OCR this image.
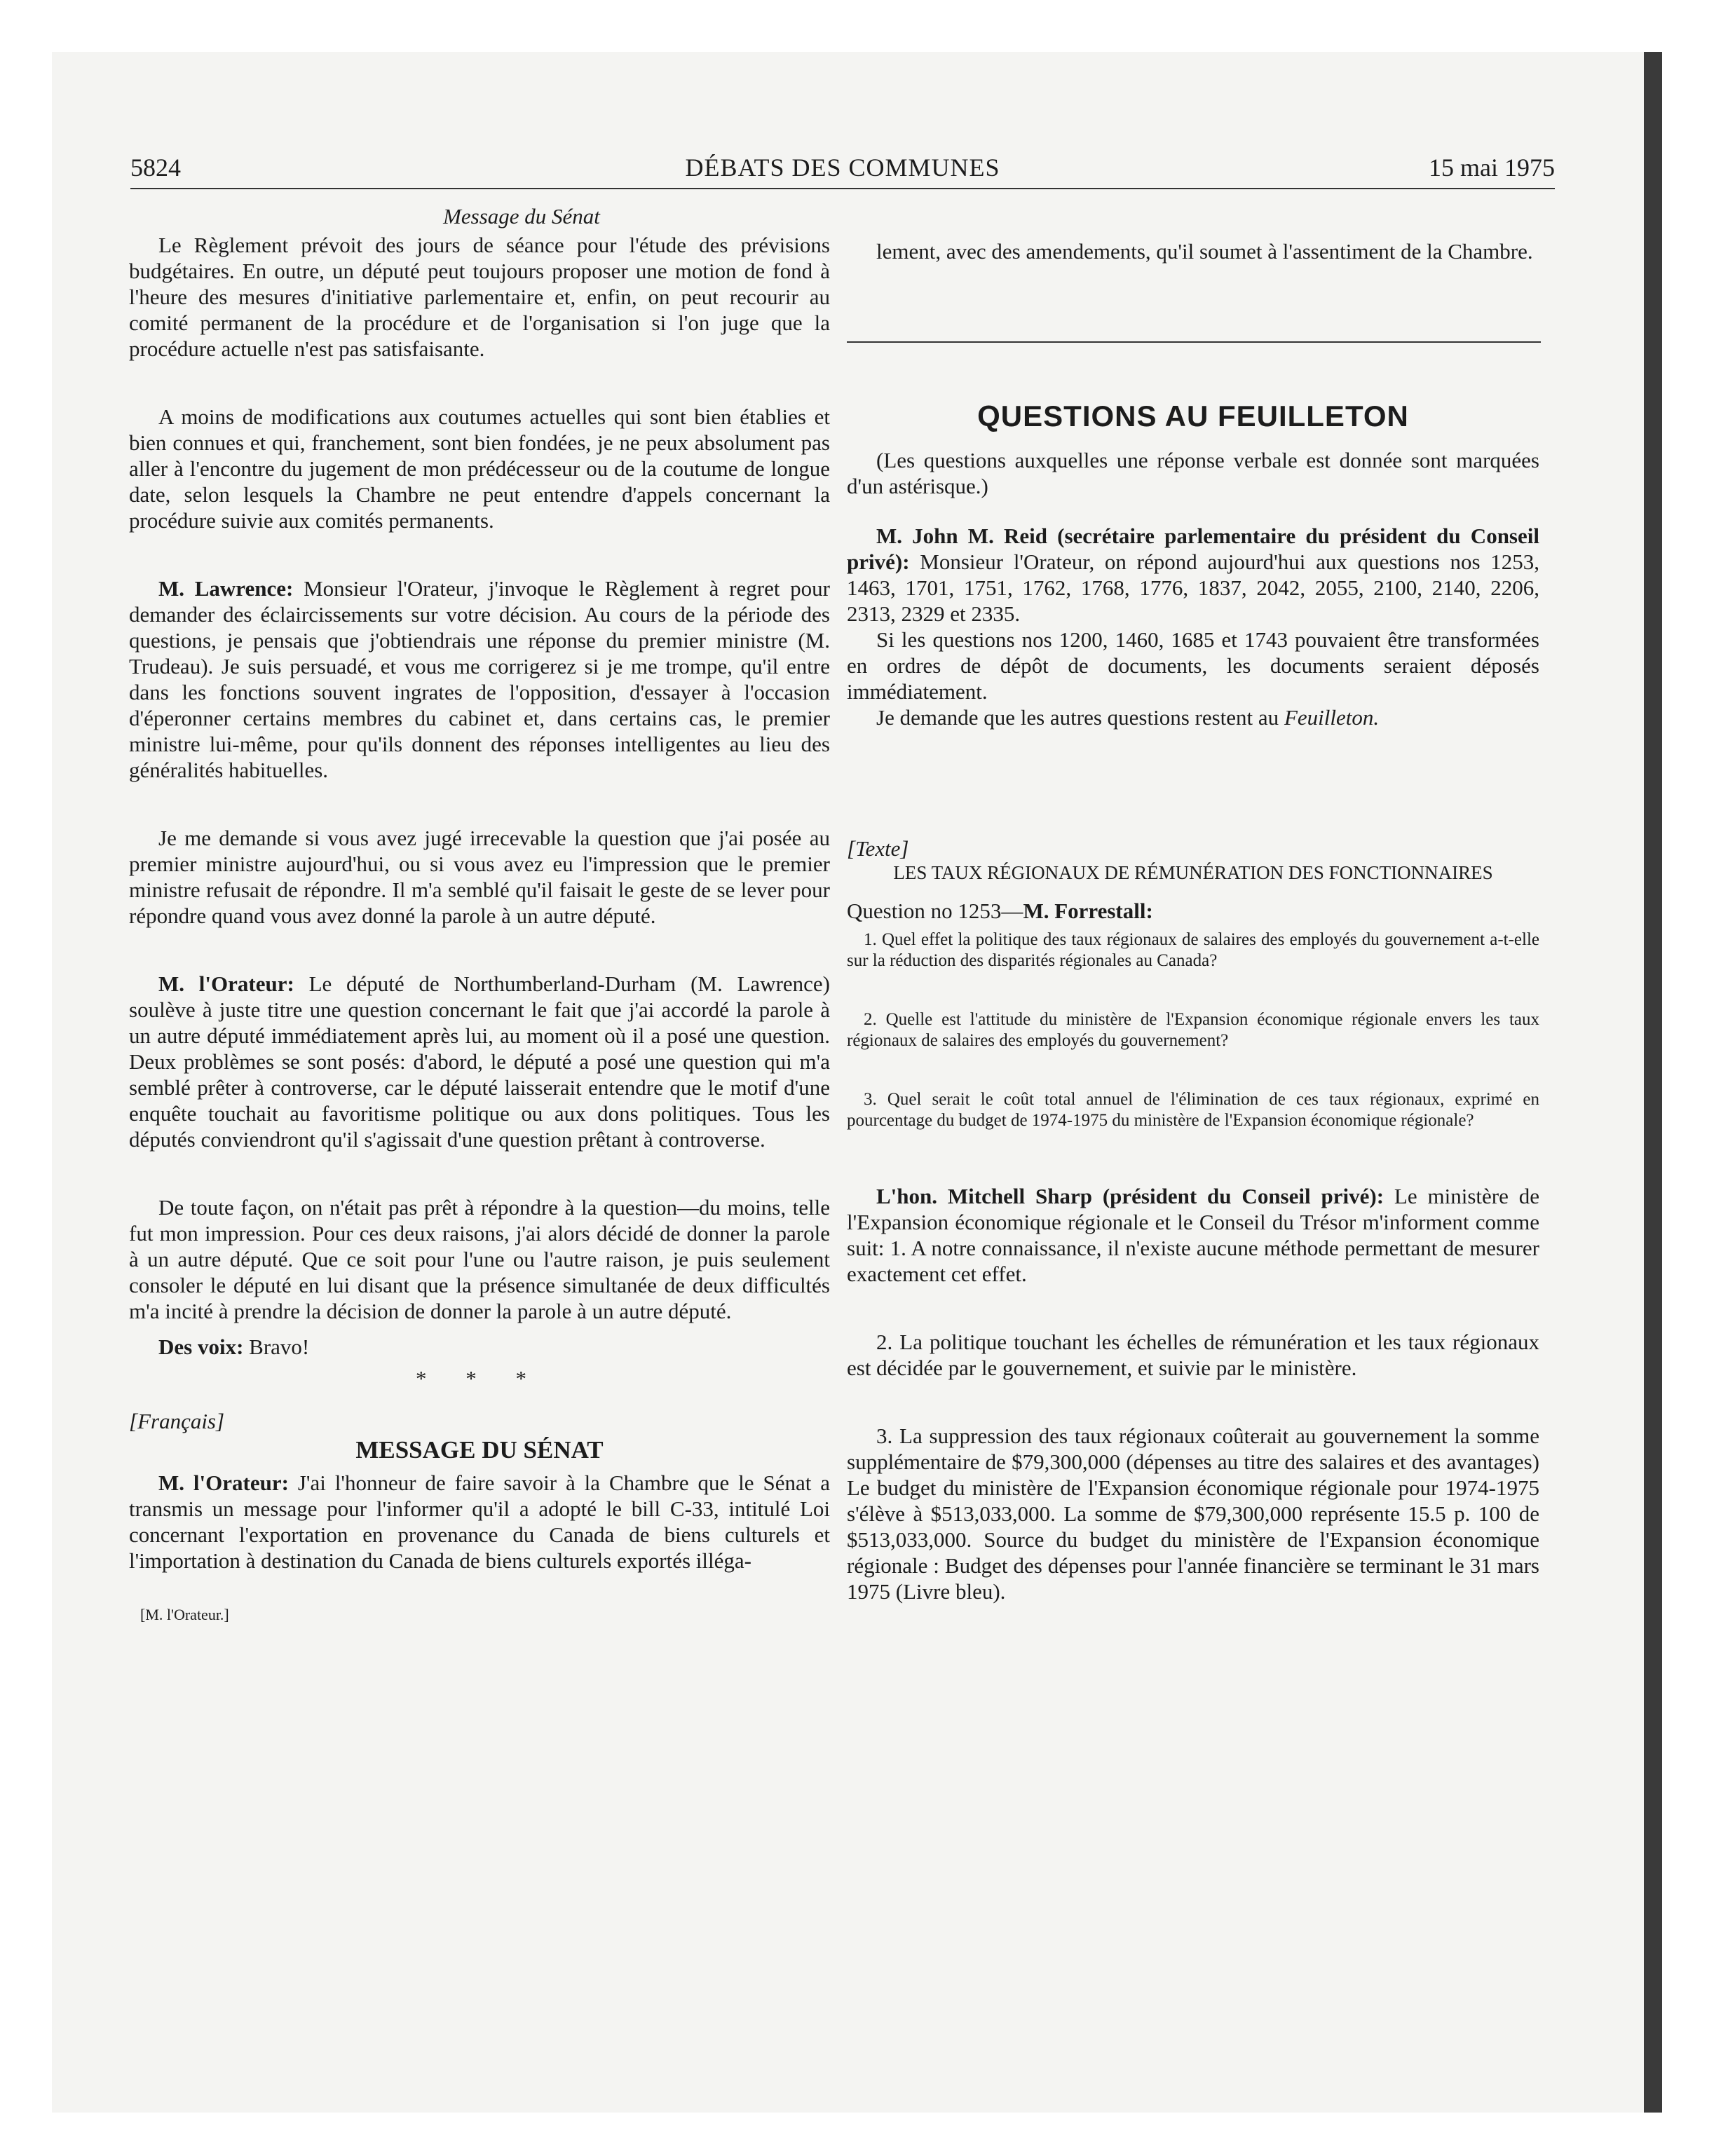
5824	DÉBATS DES COMMUNES	15 mai 1975
Message du Sénat

Le Règlement prévoit des jours de séance pour l'étude des prévisions budgétaires. En outre, un député peut toujours proposer une motion de fond à l'heure des mesures d'initiative parlementaire et, enfin, on peut recourir au comité permanent de la procédure et de l'organisation si l'on juge que la procédure actuelle n'est pas satisfaisante.

A moins de modifications aux coutumes actuelles qui sont bien établies et bien connues et qui, franchement, sont bien fondées, je ne peux absolument pas aller à l'encontre du jugement de mon prédécesseur ou de la coutume de longue date, selon lesquels la Chambre ne peut entendre d'appels concernant la procédure suivie aux comités permanents.

M. Lawrence: Monsieur l'Orateur, j'invoque le Règlement à regret pour demander des éclaircissements sur votre décision. Au cours de la période des questions, je pensais que j'obtiendrais une réponse du premier ministre (M. Trudeau). Je suis persuadé, et vous me corrigerez si je me trompe, qu'il entre dans les fonctions souvent ingrates de l'opposition, d'essayer à l'occasion d'éperonner certains membres du cabinet et, dans certains cas, le premier ministre lui-même, pour qu'ils donnent des réponses intelligentes au lieu des généralités habituelles.

Je me demande si vous avez jugé irrecevable la question que j'ai posée au premier ministre aujourd'hui, ou si vous avez eu l'impression que le premier ministre refusait de répondre. Il m'a semblé qu'il faisait le geste de se lever pour répondre quand vous avez donné la parole à un autre député.

M. l'Orateur: Le député de Northumberland-Durham (M. Lawrence) soulève à juste titre une question concernant le fait que j'ai accordé la parole à un autre député immédiatement après lui, au moment où il a posé une question. Deux problèmes se sont posés: d'abord, le député a posé une question qui m'a semblé prêter à controverse, car le député laisserait entendre que le motif d'une enquête touchait au favoritisme politique ou aux dons politiques. Tous les députés conviendront qu'il s'agissait d'une question prêtant à controverse.

De toute façon, on n'était pas prêt à répondre à la question—du moins, telle fut mon impression. Pour ces deux raisons, j'ai alors décidé de donner la parole à un autre député. Que ce soit pour l'une ou l'autre raison, je puis seulement consoler le député en lui disant que la présence simultanée de deux difficultés m'a incité à prendre la décision de donner la parole à un autre député.

Des voix: Bravo!

* * *

[Français]

MESSAGE DU SÉNAT

M. l'Orateur: J'ai l'honneur de faire savoir à la Chambre que le Sénat a transmis un message pour l'informer qu'il a adopté le bill C-33, intitulé Loi concernant l'exportation en provenance du Canada de biens culturels et l'importation à destination du Canada de biens culturels exportés illéga-

[M. l'Orateur.]

lement, avec des amendements, qu'il soumet à l'assentiment de la Chambre.

QUESTIONS AU FEUILLETON

(Les questions auxquelles une réponse verbale est donnée sont marquées d'un astérisque.)

M. John M. Reid (secrétaire parlementaire du président du Conseil privé): Monsieur l'Orateur, on répond aujourd'hui aux questions nos 1253, 1463, 1701, 1751, 1762, 1768, 1776, 1837, 2042, 2055, 2100, 2140, 2206, 2313, 2329 et 2335.

Si les questions nos 1200, 1460, 1685 et 1743 pouvaient être transformées en ordres de dépôt de documents, les documents seraient déposés immédiatement.

Je demande que les autres questions restent au Feuilleton.

[Texte]

LES TAUX RÉGIONAUX DE RÉMUNÉRATION DES FONCTIONNAIRES

Question no 1253—M. Forrestall:

1. Quel effet la politique des taux régionaux de salaires des employés du gouvernement a-t-elle sur la réduction des disparités régionales au Canada?

2. Quelle est l'attitude du ministère de l'Expansion économique régionale envers les taux régionaux de salaires des employés du gouvernement?

3. Quel serait le coût total annuel de l'élimination de ces taux régionaux, exprimé en pourcentage du budget de 1974-1975 du ministère de l'Expansion économique régionale?

L'hon. Mitchell Sharp (président du Conseil privé): Le ministère de l'Expansion économique régionale et le Conseil du Trésor m'informent comme suit: 1. A notre connaissance, il n'existe aucune méthode permettant de mesurer exactement cet effet.

2. La politique touchant les échelles de rémunération et les taux régionaux est décidée par le gouvernement, et suivie par le ministère.

3. La suppression des taux régionaux coûterait au gouvernement la somme supplémentaire de $79,300,000 (dépenses au titre des salaires et des avantages) Le budget du ministère de l'Expansion économique régionale pour 1974-1975 s'élève à $513,033,000. La somme de $79,300,000 représente 15.5 p. 100 de $513,033,000. Source du budget du ministère de l'Expansion économique régionale : Budget des dépenses pour l'année financière se terminant le 31 mars 1975 (Livre bleu).
